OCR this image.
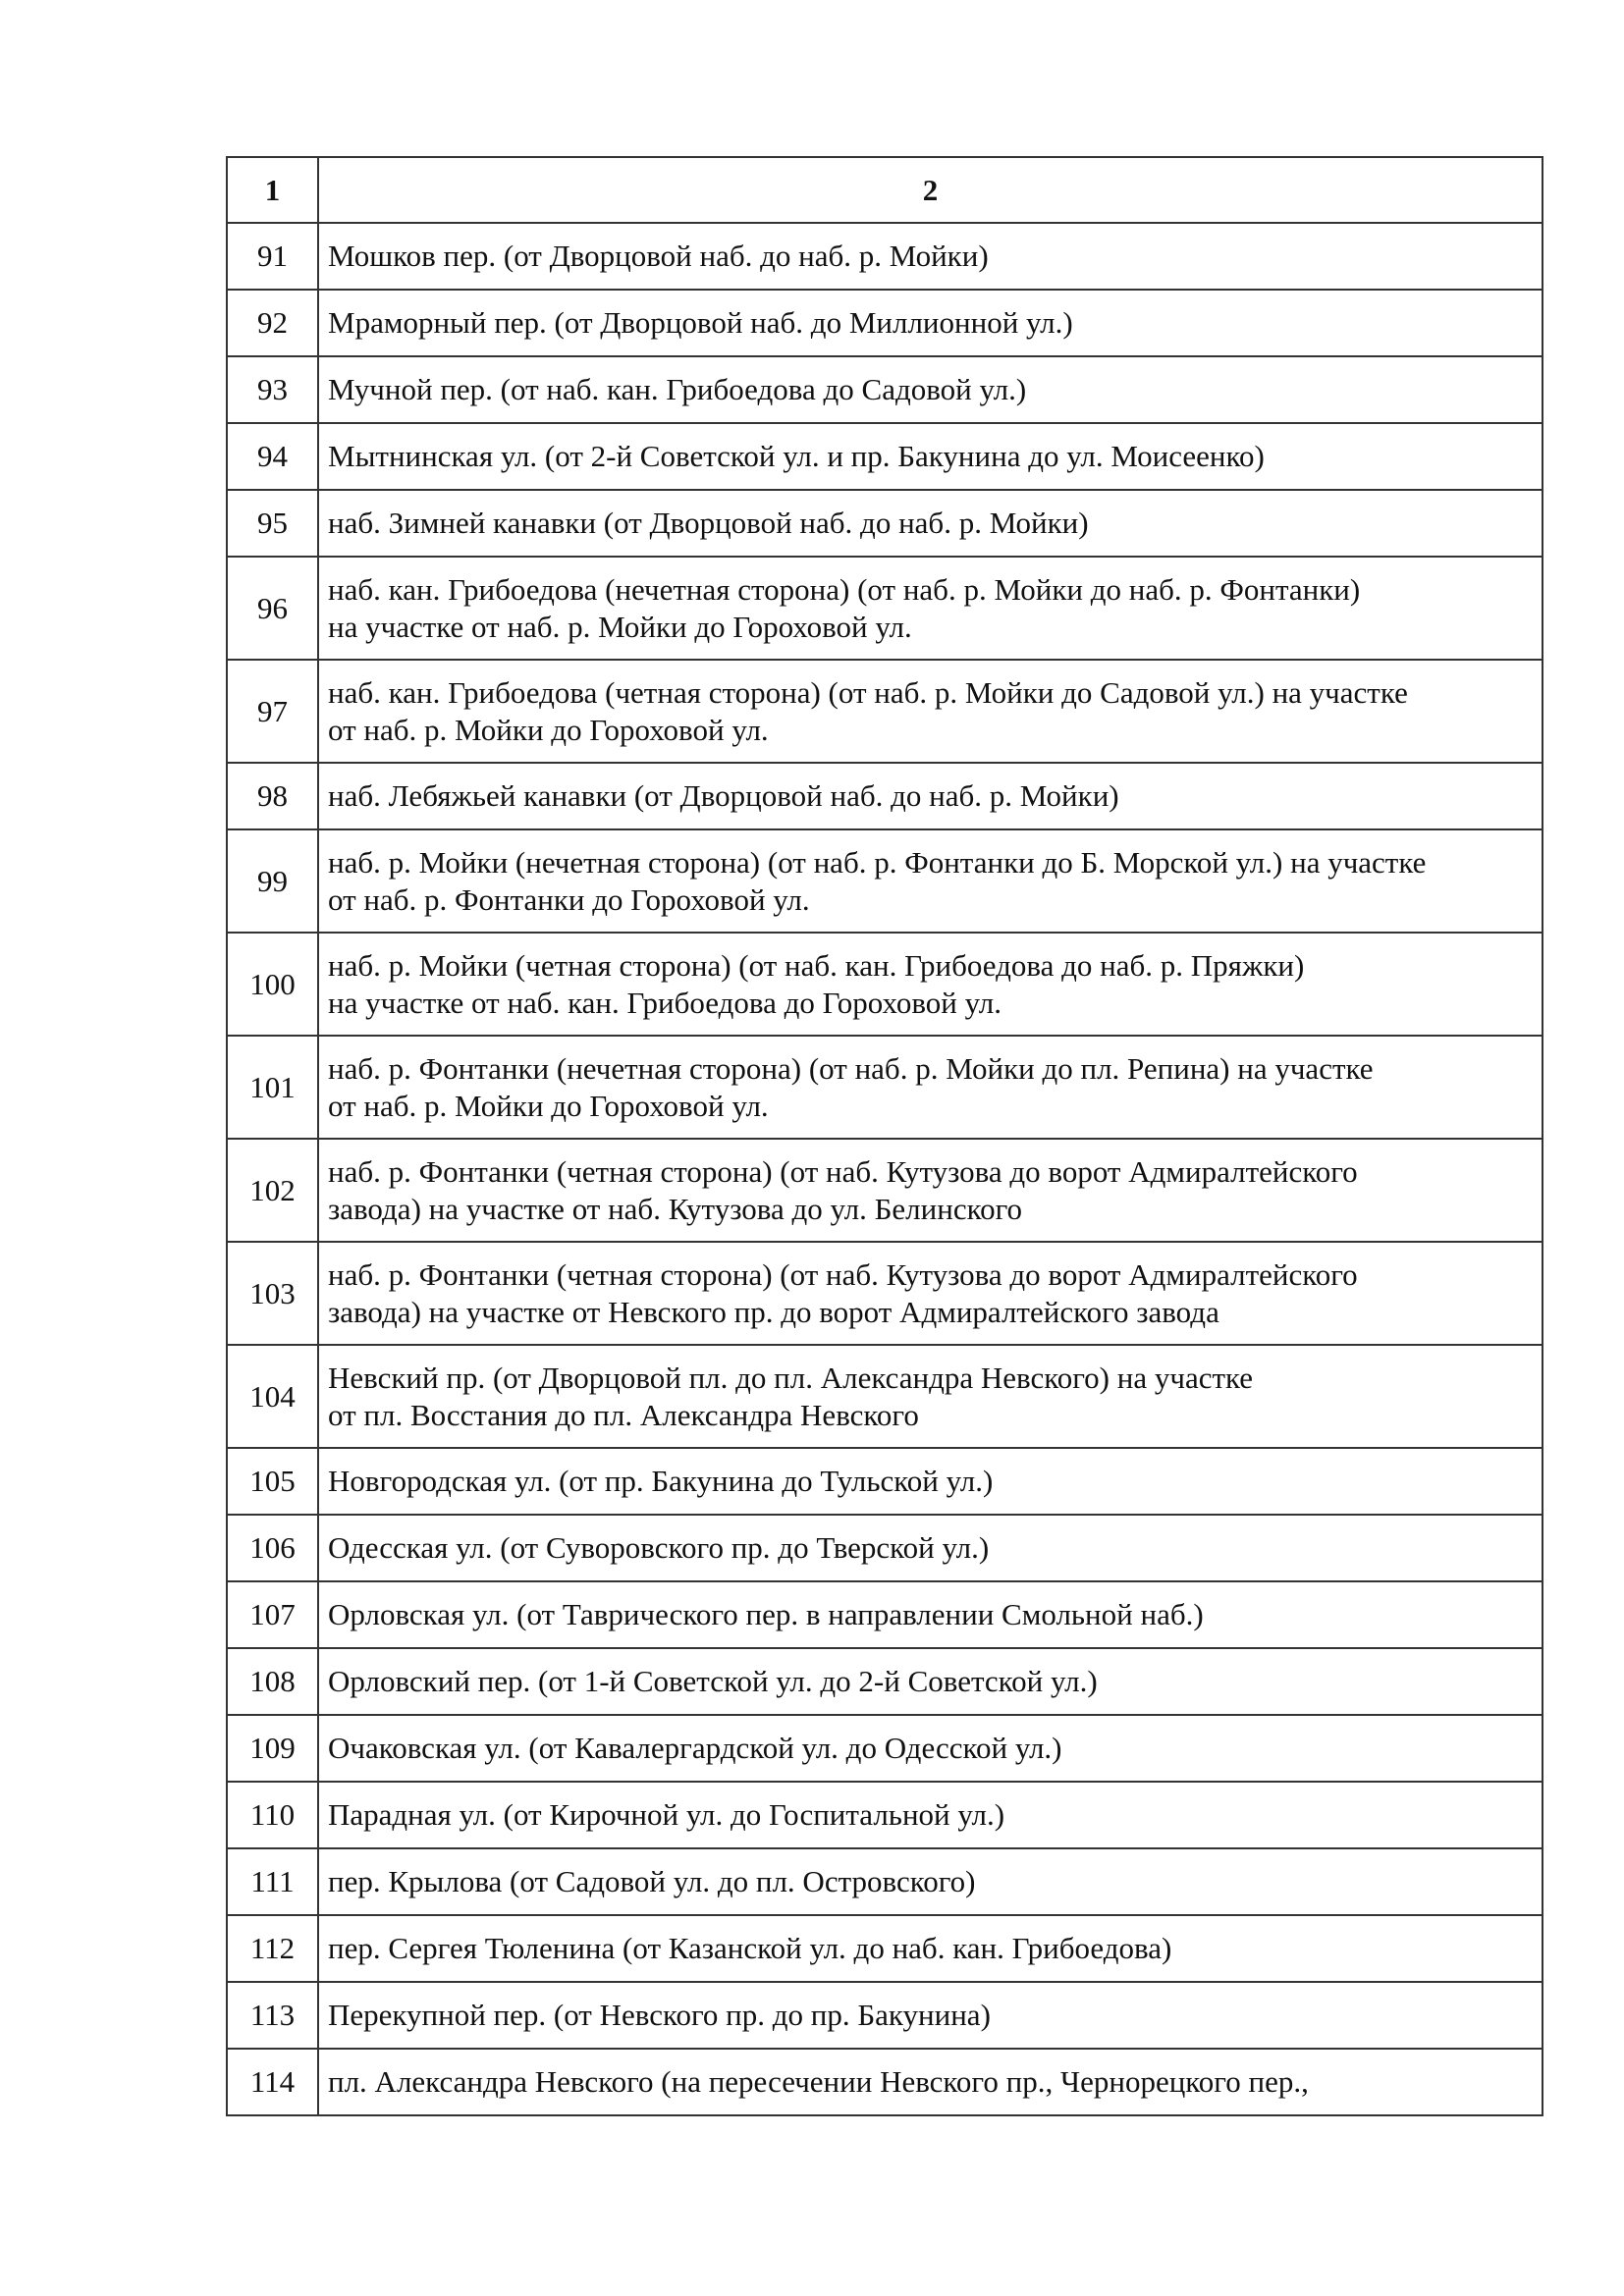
1	2
91	Мошков пер. (от Дворцовой наб. до наб. р. Мойки)

92	Мраморный пер. (от Дворцовой наб. до Миллионной ул.)

93	Мучной пер. (от наб. кан. Грибоедова до Садовой ул.)

94	Мытнинская ул. (от 2-й Советской ул. и пр. Бакунина до ул. Моисеенко)

95	наб. Зимней канавки (от Дворцовой наб. до наб. р. Мойки)

96	наб. кан. Грибоедова (нечетная сторона) (от наб. р. Мойки до наб. р. Фонтанки)
на участке от наб. р. Мойки до Гороховой ул.

97	наб. кан. Грибоедова (четная сторона) (от наб. р. Мойки до Садовой ул.) на участке
от наб. р. Мойки до Гороховой ул.

98	наб. Лебяжьей канавки (от Дворцовой наб. до наб. р. Мойки)

99	наб. р. Мойки (нечетная сторона) (от наб. р. Фонтанки до Б. Морской ул.) на участке
от наб. р. Фонтанки до Гороховой ул.

100	наб. р. Мойки (четная сторона) (от наб. кан. Грибоедова до наб. р. Пряжки)
на участке от наб. кан. Грибоедова до Гороховой ул.

101	наб. р. Фонтанки (нечетная сторона) (от наб. р. Мойки до пл. Репина) на участке
от наб. р. Мойки до Гороховой ул.

102	наб. р. Фонтанки (четная сторона) (от наб. Кутузова до ворот Адмиралтейского
завода) на участке от наб. Кутузова до ул. Белинского

103	наб. р. Фонтанки (четная сторона) (от наб. Кутузова до ворот Адмиралтейского
завода) на участке от Невского пр. до ворот Адмиралтейского завода

104	Невский пр. (от Дворцовой пл. до пл. Александра Невского) на участке
от пл. Восстания до пл. Александра Невского

105	Новгородская ул. (от пр. Бакунина до Тульской ул.)

106	Одесская ул. (от Суворовского пр. до Тверской ул.)

107	Орловская ул. (от Таврического пер. в направлении Смольной наб.)

108	Орловский пер. (от 1-й Советской ул. до 2-й Советской ул.)

109	Очаковская ул. (от Кавалергардской ул. до Одесской ул.)

110	Парадная ул. (от Кирочной ул. до Госпитальной ул.)

111	пер. Крылова (от Садовой ул. до пл. Островского)

112	пер. Сергея Тюленина (от Казанской ул. до наб. кан. Грибоедова)

113	Перекупной пер. (от Невского пр. до пр. Бакунина)

114	пл. Александра Невского (на пересечении Невского пр., Чернорецкого пер.,
